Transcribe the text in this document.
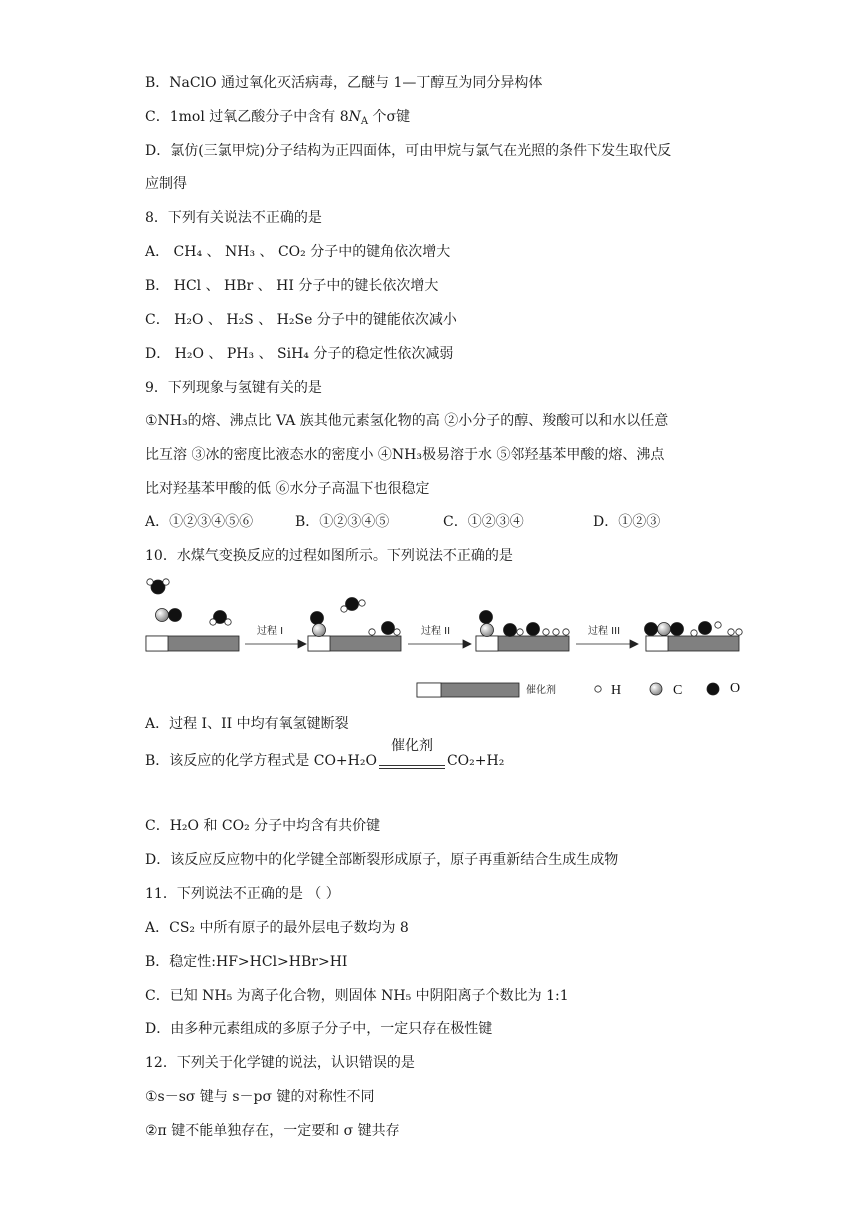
B．NaClO 通过氧化灭活病毒，乙醚与 1—丁醇互为同分异构体
C．1mol 过氧乙酸分子中含有 $8N_A$ 个σ键
D．氯仿(三氯甲烷)分子结构为正四面体，可由甲烷与氯气在光照的条件下发生取代反
应制得
8．下列有关说法不正确的是
A． CH₄ 、 NH₃ 、 CO₂ 分子中的键角依次增大
B． HCl 、 HBr 、 HI 分子中的键长依次增大
C． H₂O 、 H₂S 、 H₂Se 分子中的键能依次减小
D． H₂O 、 PH₃ 、 SiH₄ 分子的稳定性依次减弱
9．下列现象与氢键有关的是
①NH₃的熔、沸点比 VA 族其他元素氢化物的高 ②小分子的醇、羧酸可以和水以任意
比互溶 ③冰的密度比液态水的密度小 ④NH₃极易溶于水 ⑤邻羟基苯甲酸的熔、沸点
比对羟基苯甲酸的低 ⑥水分子高温下也很稳定
A．①②③④⑤⑥	B．①②③④⑤	C．①②③④	D．①②③
10．水煤气变换反应的过程如图所示。下列说法不正确的是
过程 I	过程 II	过程 III
催化剂	H	C	O
A．过程 I、II 中均有氧氢键断裂
B．该反应的化学方程式是 CO+H₂O
催化剂
CO₂+H₂
C．H₂O 和 CO₂ 分子中均含有共价键
D．该反应反应物中的化学键全部断裂形成原子，原子再重新结合生成生成物
11．下列说法不正确的是 （ ）
A．CS₂ 中所有原子的最外层电子数均为 8
B．稳定性:HF>HCl>HBr>HI
C．已知 NH₅ 为离子化合物，则固体 NH₅ 中阴阳离子个数比为 1:1
D．由多种元素组成的多原子分子中，一定只存在极性键
12．下列关于化学键的说法，认识错误的是
①s－sσ 键与 s－pσ 键的对称性不同
②π 键不能单独存在，一定要和 σ 键共存
